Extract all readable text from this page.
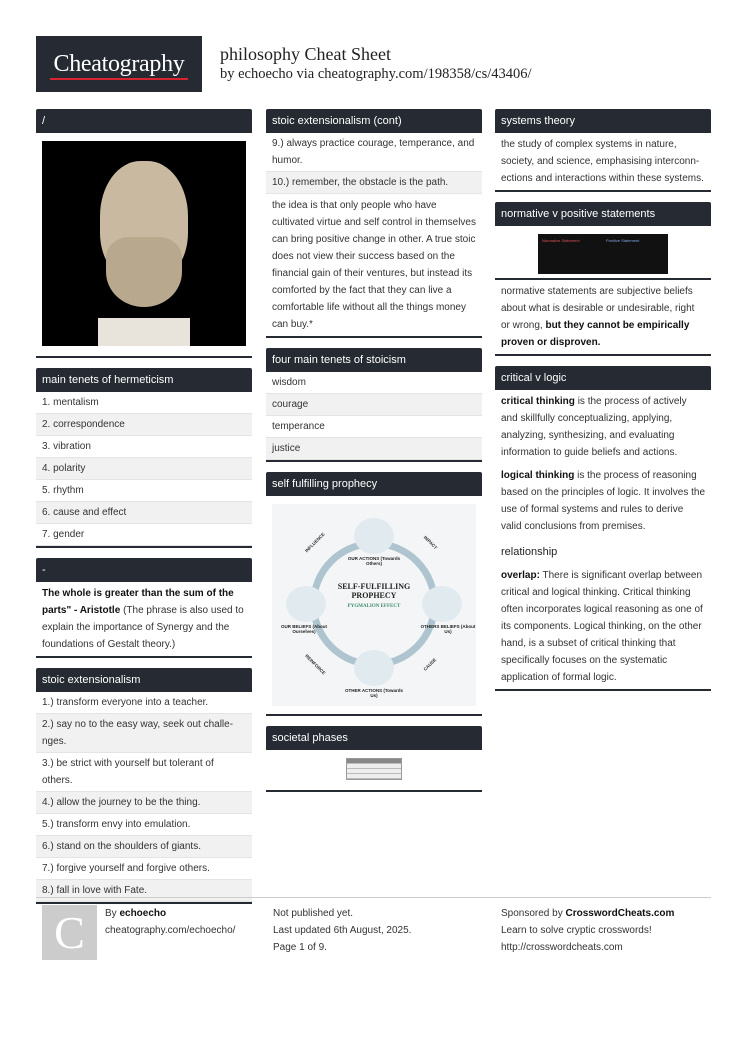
Cheatography philosophy Cheat Sheet
by echoecho via cheatography.com/198358/cs/43406/
/
main tenets of hermeticism
1. mentalism
2. correspondence
3. vibration
4. polarity
5. rhythm
6. cause and effect
7. gender
-
The whole is greater than the sum of the parts" - Aristotle (The phrase is also used to explain the importance of Synergy and the foundations of Gestalt theory.)
stoic extensionalism
1.) transform everyone into a teacher.
2.) say no to the easy way, seek out challenges.
3.) be strict with yourself but tolerant of others.
4.) allow the journey to be the thing.
5.) transform envy into emulation.
6.) stand on the shoulders of giants.
7.) forgive yourself and forgive others.
8.) fall in love with Fate.
stoic extensionalism (cont)
9.) always practice courage, temperance, and humor.
10.) remember, the obstacle is the path.
the idea is that only people who have cultivated virtue and self control in themselves can bring positive change in other. A true stoic does not view their success based on the financial gain of their ventures, but instead its comforted by the fact that they can live a comfortable life without all the things money can buy.*
four main tenets of stoicism
wisdom
courage
temperance
justice
self fulfilling prophecy
SELF-FULFILLING PROPHECY
PYGMALION EFFECT
OUR ACTIONS (Towards Others)
OTHERS BELIEFS (About Us)
OTHER ACTIONS (Towards Us)
OUR BELIEFS (About Ourselves)
INFLUENCE	IMPACT
CAUSE
REINFORCE
societal phases
systems theory
the study of complex systems in nature, society, and science, emphasising interconnections and interactions within these systems.
normative v positive statements
Normative Statement	Positive Statement
normative statements are subjective beliefs about what is desirable or undesirable, right or wrong, but they cannot be empirically proven or disproven.
critical v logic
critical thinking is the process of actively and skillfully conceptualizing, applying, analyzing, synthesizing, and evaluating information to guide beliefs and actions.
logical thinking is the process of reasoning based on the principles of logic. It involves the use of formal systems and rules to derive valid conclusions from premises.
relationship
overlap: There is significant overlap between critical and logical thinking. Critical thinking often incorporates logical reasoning as one of its components. Logical thinking, on the other hand, is a subset of critical thinking that specifically focuses on the systematic application of formal logic.
C	By echoecho
cheatography.com/echoecho/
Not published yet.
Last updated 6th August, 2025.
Page 1 of 9.
Sponsored by CrosswordCheats.com
Learn to solve cryptic crosswords!
http://crosswordcheats.com
